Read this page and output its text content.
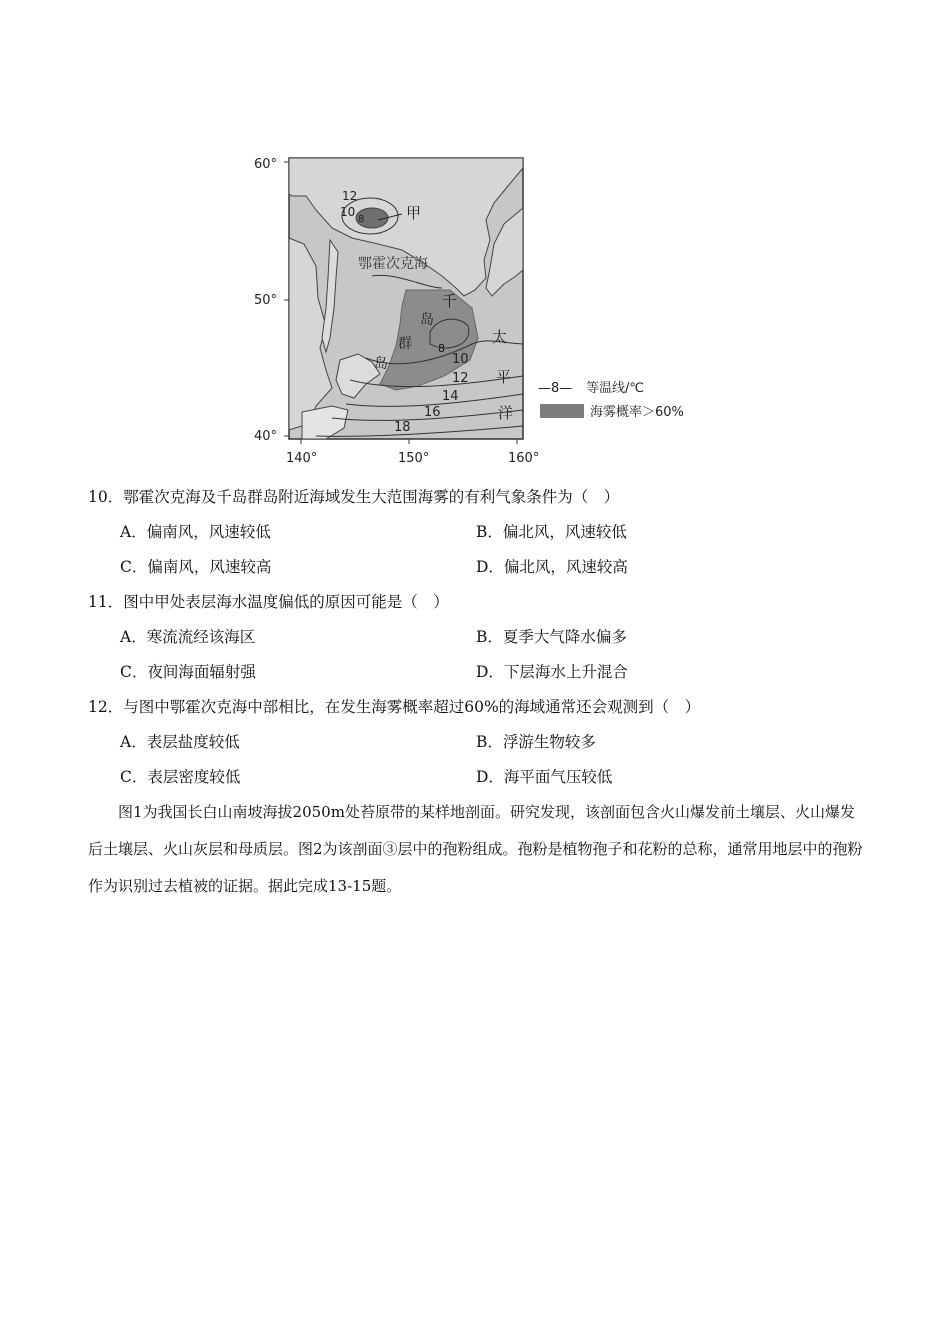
60°
50°
40°
140°	150°	160°
甲
鄂霍次克海
千
岛
群
岛
太
平
洋
12
10
8
8
10
12
14
16
18
—8— 等温线/℃
海雾概率＞60%
10．鄂霍次克海及千岛群岛附近海域发生大范围海雾的有利气象条件为（　）
A．偏南风，风速较低	B．偏北风，风速较低
C．偏南风，风速较高	D．偏北风，风速较高
11．图中甲处表层海水温度偏低的原因可能是（　）
A．寒流流经该海区	B．夏季大气降水偏多
C．夜间海面辐射强	D．下层海水上升混合
12．与图中鄂霍次克海中部相比，在发生海雾概率超过60%的海域通常还会观测到（　）
A．表层盐度较低	B．浮游生物较多
C．表层密度较低	D．海平面气压较低
图1为我国长白山南坡海拔2050m处苔原带的某样地剖面。研究发现，该剖面包含火山爆发前土壤层、火山爆发后土壤层、火山灰层和母质层。图2为该剖面③层中的孢粉组成。孢粉是植物孢子和花粉的总称，通常用地层中的孢粉作为识别过去植被的证据。据此完成13-15题。
